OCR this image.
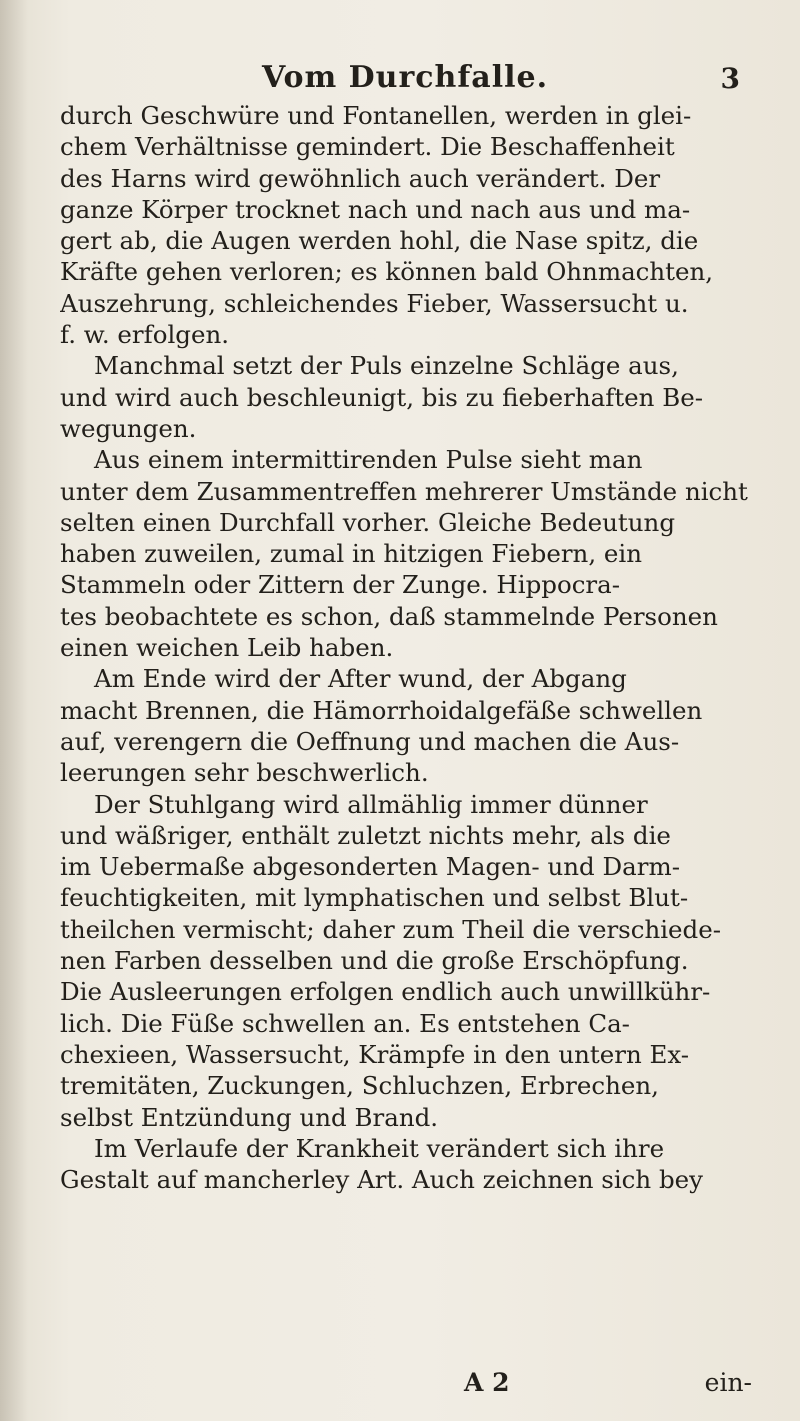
Vom Durchfalle.	3
durch Geschwüre und Fontanellen, werden in glei-
chem Verhältnisse gemindert. Die Beschaffenheit
des Harns wird gewöhnlich auch verändert. Der
ganze Körper trocknet nach und nach aus und ma-
gert ab, die Augen werden hohl, die Nase spitz, die
Kräfte gehen verloren; es können bald Ohnmachten,
Auszehrung, schleichendes Fieber, Wassersucht u.
f. w. erfolgen.
Manchmal setzt der Puls einzelne Schläge aus,
und wird auch beschleunigt, bis zu fieberhaften Be-
wegungen.
Aus einem intermittirenden Pulse sieht man
unter dem Zusammentreffen mehrerer Umstände nicht
selten einen Durchfall vorher. Gleiche Bedeutung
haben zuweilen, zumal in hitzigen Fiebern, ein
Stammeln oder Zittern der Zunge. Hippocra-
tes beobachtete es schon, daß stammelnde Personen
einen weichen Leib haben.
Am Ende wird der After wund, der Abgang
macht Brennen, die Hämorrhoidalgefäße schwellen
auf, verengern die Oeffnung und machen die Aus-
leerungen sehr beschwerlich.
Der Stuhlgang wird allmählig immer dünner
und wäßriger, enthält zuletzt nichts mehr, als die
im Uebermaße abgesonderten Magen- und Darm-
feuchtigkeiten, mit lymphatischen und selbst Blut-
theilchen vermischt; daher zum Theil die verschiede-
nen Farben desselben und die große Erschöpfung.
Die Ausleerungen erfolgen endlich auch unwillkühr-
lich. Die Füße schwellen an. Es entstehen Ca-
chexieen, Wassersucht, Krämpfe in den untern Ex-
tremitäten, Zuckungen, Schluchzen, Erbrechen,
selbst Entzündung und Brand.
Im Verlaufe der Krankheit verändert sich ihre
Gestalt auf mancherley Art. Auch zeichnen sich bey
A 2	ein-
